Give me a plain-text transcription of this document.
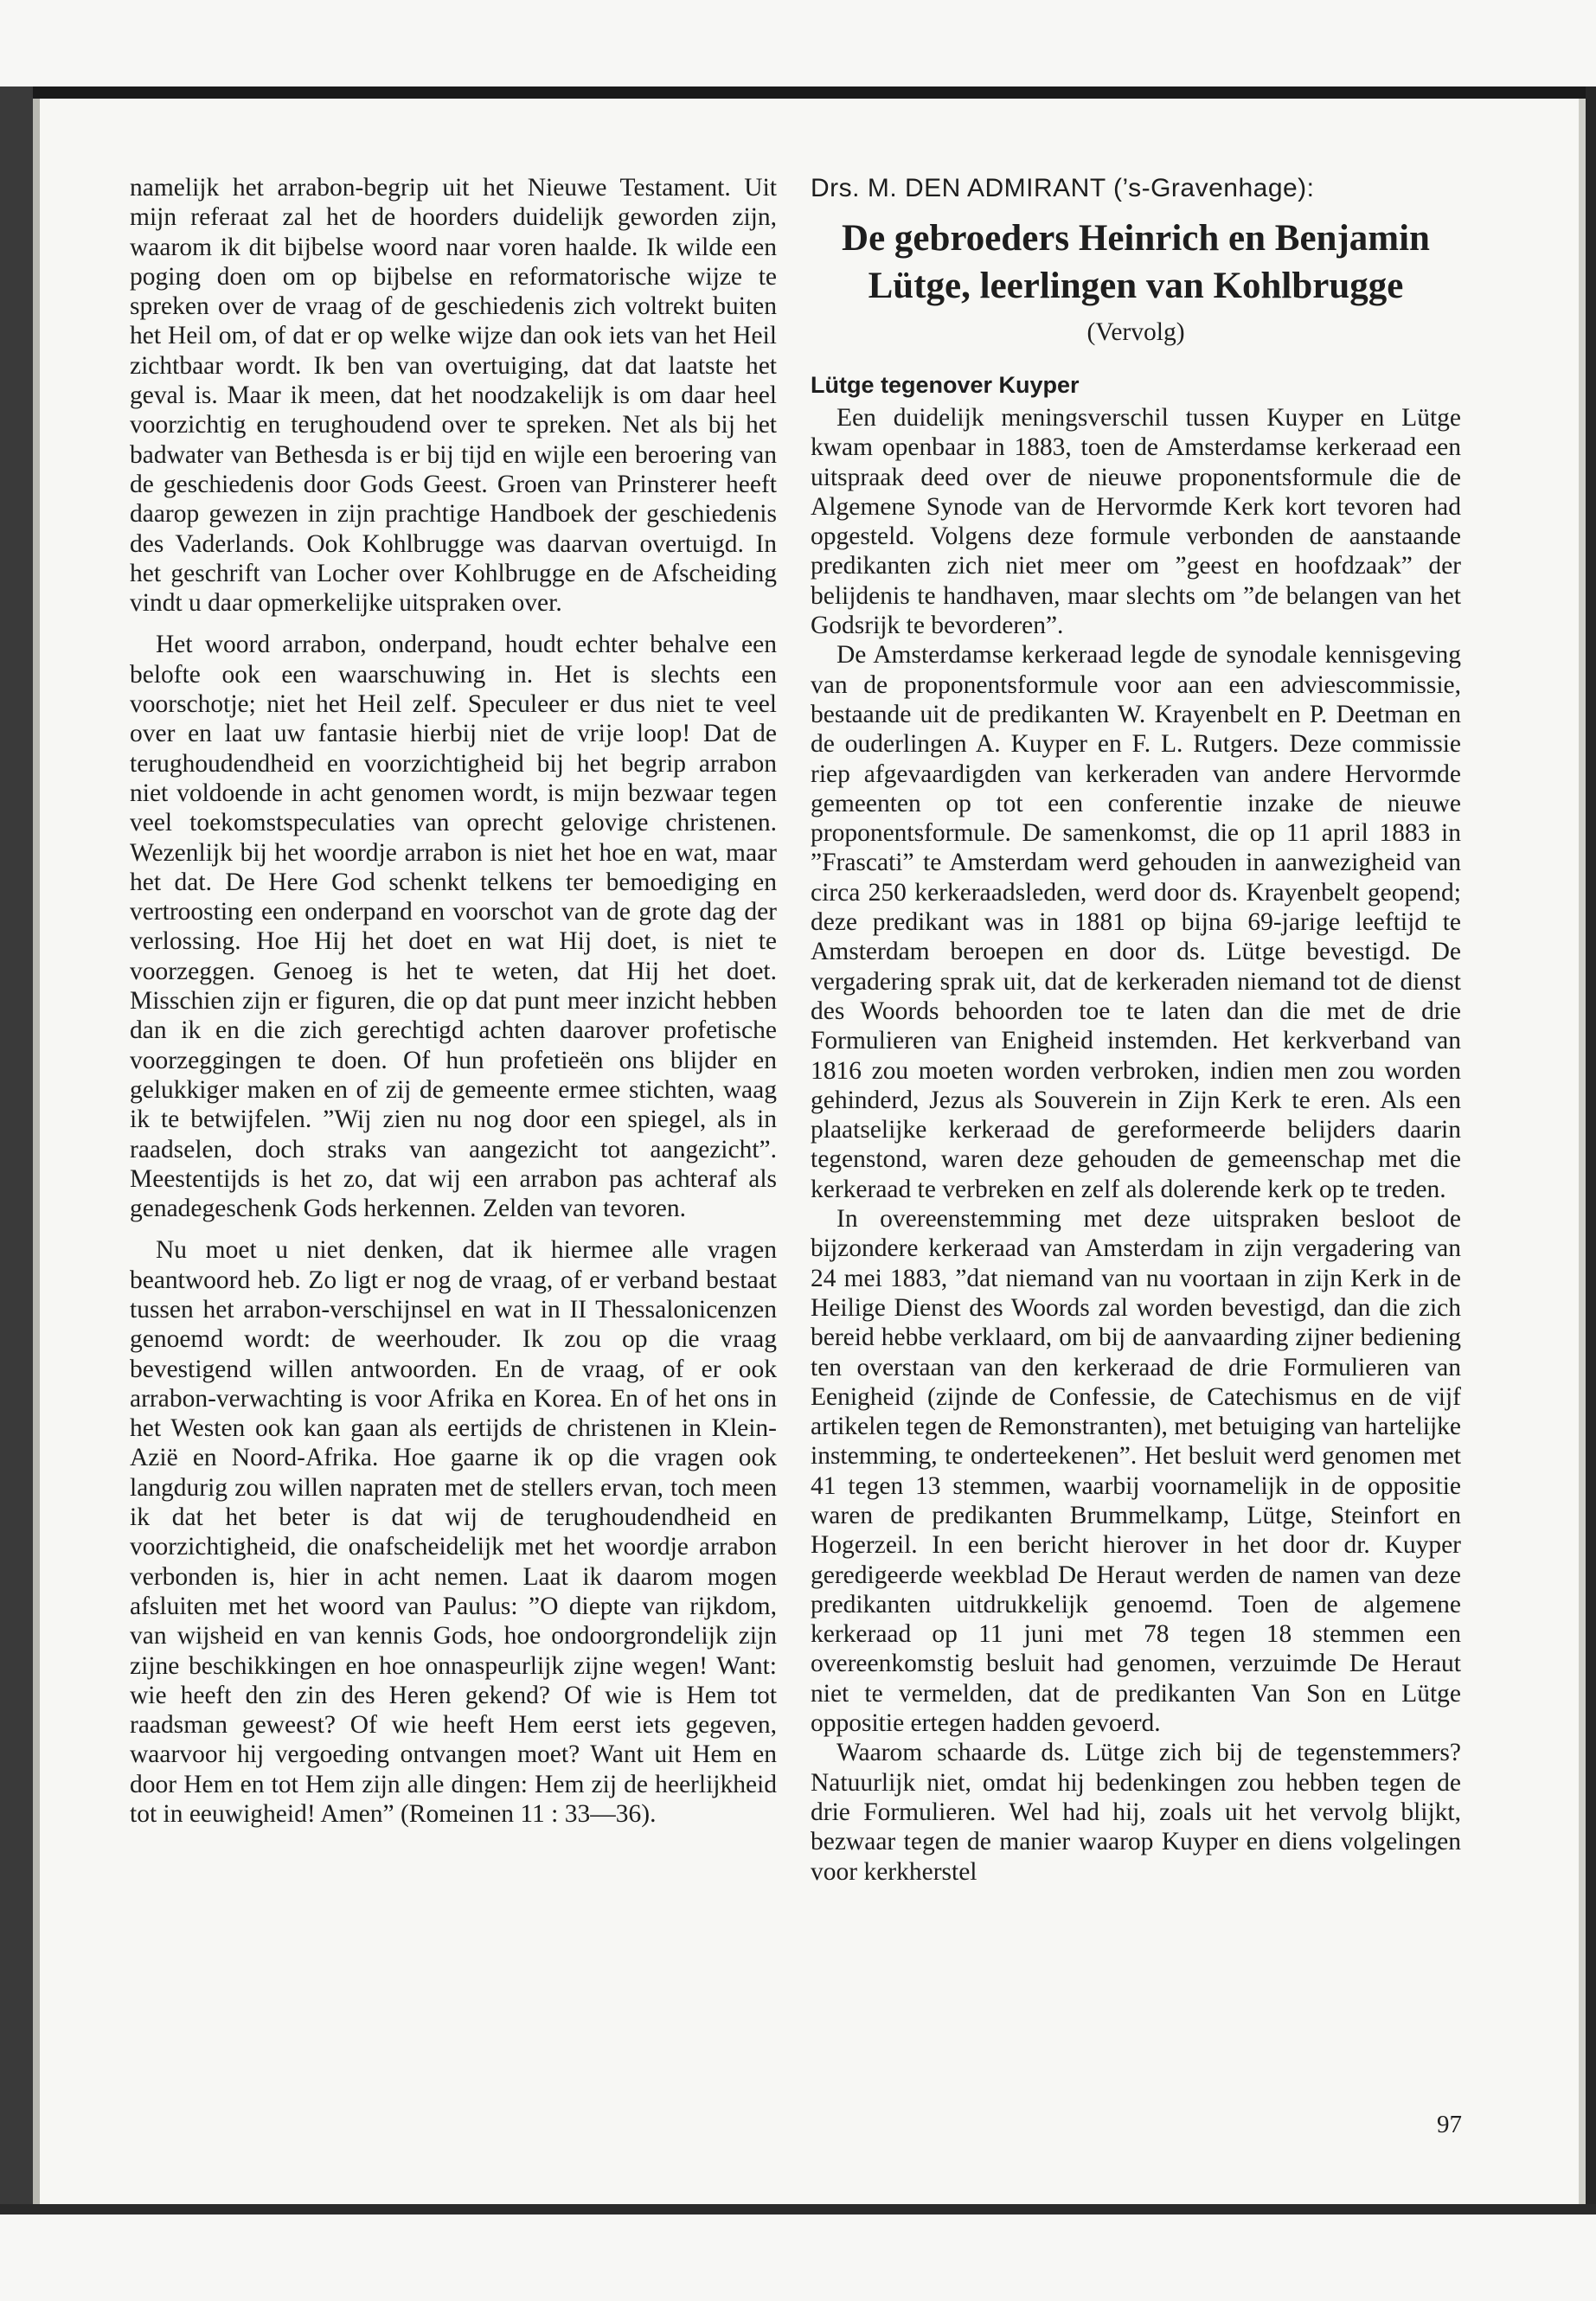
namelijk het arrabon-begrip uit het Nieuwe Testament. Uit mijn referaat zal het de hoorders duidelijk geworden zijn, waarom ik dit bijbelse woord naar voren haalde. Ik wilde een poging doen om op bijbelse en reformatorische wijze te spreken over de vraag of de geschiedenis zich voltrekt buiten het Heil om, of dat er op welke wijze dan ook iets van het Heil zichtbaar wordt. Ik ben van overtuiging, dat dat laatste het geval is. Maar ik meen, dat het noodzakelijk is om daar heel voorzichtig en terughoudend over te spreken. Net als bij het badwater van Bethesda is er bij tijd en wijle een beroering van de geschiedenis door Gods Geest. Groen van Prinsterer heeft daarop gewezen in zijn prachtige Handboek der geschiedenis des Vaderlands. Ook Kohlbrugge was daarvan overtuigd. In het geschrift van Locher over Kohlbrugge en de Afscheiding vindt u daar opmerkelijke uitspraken over.

Het woord arrabon, onderpand, houdt echter behalve een belofte ook een waarschuwing in. Het is slechts een voorschotje; niet het Heil zelf. Speculeer er dus niet te veel over en laat uw fantasie hierbij niet de vrije loop! Dat de terughoudendheid en voorzichtigheid bij het begrip arrabon niet voldoende in acht genomen wordt, is mijn bezwaar tegen veel toekomstspeculaties van oprecht gelovige christenen. Wezenlijk bij het woordje arrabon is niet het hoe en wat, maar het dat. De Here God schenkt telkens ter bemoediging en vertroosting een onderpand en voorschot van de grote dag der verlossing. Hoe Hij het doet en wat Hij doet, is niet te voorzeggen. Genoeg is het te weten, dat Hij het doet. Misschien zijn er figuren, die op dat punt meer inzicht hebben dan ik en die zich gerechtigd achten daarover profetische voorzeggingen te doen. Of hun profetieën ons blijder en gelukkiger maken en of zij de gemeente ermee stichten, waag ik te betwijfelen. ”Wij zien nu nog door een spiegel, als in raadselen, doch straks van aangezicht tot aangezicht”. Meestentijds is het zo, dat wij een arrabon pas achteraf als genadegeschenk Gods herkennen. Zelden van tevoren.

Nu moet u niet denken, dat ik hiermee alle vragen beantwoord heb. Zo ligt er nog de vraag, of er verband bestaat tussen het arrabon-verschijnsel en wat in II Thessalonicenzen genoemd wordt: de weerhouder. Ik zou op die vraag bevestigend willen antwoorden. En de vraag, of er ook arrabon-verwachting is voor Afrika en Korea. En of het ons in het Westen ook kan gaan als eertijds de christenen in Klein-Azië en Noord-Afrika. Hoe gaarne ik op die vragen ook langdurig zou willen napraten met de stellers ervan, toch meen ik dat het beter is dat wij de terughoudendheid en voorzichtigheid, die onafscheidelijk met het woordje arrabon verbonden is, hier in acht nemen. Laat ik daarom mogen afsluiten met het woord van Paulus: ”O diepte van rijkdom, van wijsheid en van kennis Gods, hoe ondoorgrondelijk zijn zijne beschikkingen en hoe onnaspeurlijk zijne wegen! Want: wie heeft den zin des Heren gekend? Of wie is Hem tot raadsman geweest? Of wie heeft Hem eerst iets gegeven, waarvoor hij vergoeding ontvangen moet? Want uit Hem en door Hem en tot Hem zijn alle dingen: Hem zij de heerlijkheid tot in eeuwigheid! Amen” (Romeinen 11 : 33—36).

Drs. M. DEN ADMIRANT (’s-Gravenhage):
De gebroeders Heinrich en Benjamin
Lütge, leerlingen van Kohlbrugge
(Vervolg)
Lütge tegenover Kuyper

Een duidelijk meningsverschil tussen Kuyper en Lütge kwam openbaar in 1883, toen de Amsterdamse kerkeraad een uitspraak deed over de nieuwe proponentsformule die de Algemene Synode van de Hervormde Kerk kort tevoren had opgesteld. Volgens deze formule verbonden de aanstaande predikanten zich niet meer om ”geest en hoofdzaak” der belijdenis te handhaven, maar slechts om ”de belangen van het Godsrijk te bevorderen”.

De Amsterdamse kerkeraad legde de synodale kennisgeving van de proponentsformule voor aan een adviescommissie, bestaande uit de predikanten W. Krayenbelt en P. Deetman en de ouderlingen A. Kuyper en F. L. Rutgers. Deze commissie riep afgevaardigden van kerkeraden van andere Hervormde gemeenten op tot een conferentie inzake de nieuwe proponentsformule. De samenkomst, die op 11 april 1883 in ”Frascati” te Amsterdam werd gehouden in aanwezigheid van circa 250 kerkeraadsleden, werd door ds. Krayenbelt geopend; deze predikant was in 1881 op bijna 69-jarige leeftijd te Amsterdam beroepen en door ds. Lütge bevestigd. De vergadering sprak uit, dat de kerkeraden niemand tot de dienst des Woords behoorden toe te laten dan die met de drie Formulieren van Enigheid instemden. Het kerkverband van 1816 zou moeten worden verbroken, indien men zou worden gehinderd, Jezus als Souverein in Zijn Kerk te eren. Als een plaatselijke kerkeraad de gereformeerde belijders daarin tegenstond, waren deze gehouden de gemeenschap met die kerkeraad te verbreken en zelf als dolerende kerk op te treden.

In overeenstemming met deze uitspraken besloot de bijzondere kerkeraad van Amsterdam in zijn vergadering van 24 mei 1883, ”dat niemand van nu voortaan in zijn Kerk in de Heilige Dienst des Woords zal worden bevestigd, dan die zich bereid hebbe verklaard, om bij de aanvaarding zijner bediening ten overstaan van den kerkeraad de drie Formulieren van Eenigheid (zijnde de Confessie, de Catechismus en de vijf artikelen tegen de Remonstranten), met betuiging van hartelijke instemming, te onderteekenen”. Het besluit werd genomen met 41 tegen 13 stemmen, waarbij voornamelijk in de oppositie waren de predikanten Brummelkamp, Lütge, Steinfort en Hogerzeil. In een bericht hierover in het door dr. Kuyper geredigeerde weekblad De Heraut werden de namen van deze predikanten uitdrukkelijk genoemd. Toen de algemene kerkeraad op 11 juni met 78 tegen 18 stemmen een overeenkomstig besluit had genomen, verzuimde De Heraut niet te vermelden, dat de predikanten Van Son en Lütge oppositie ertegen hadden gevoerd.

Waarom schaarde ds. Lütge zich bij de tegenstemmers? Natuurlijk niet, omdat hij bedenkingen zou hebben tegen de drie Formulieren. Wel had hij, zoals uit het vervolg blijkt, bezwaar tegen de manier waarop Kuyper en diens volgelingen voor kerkherstel

97
